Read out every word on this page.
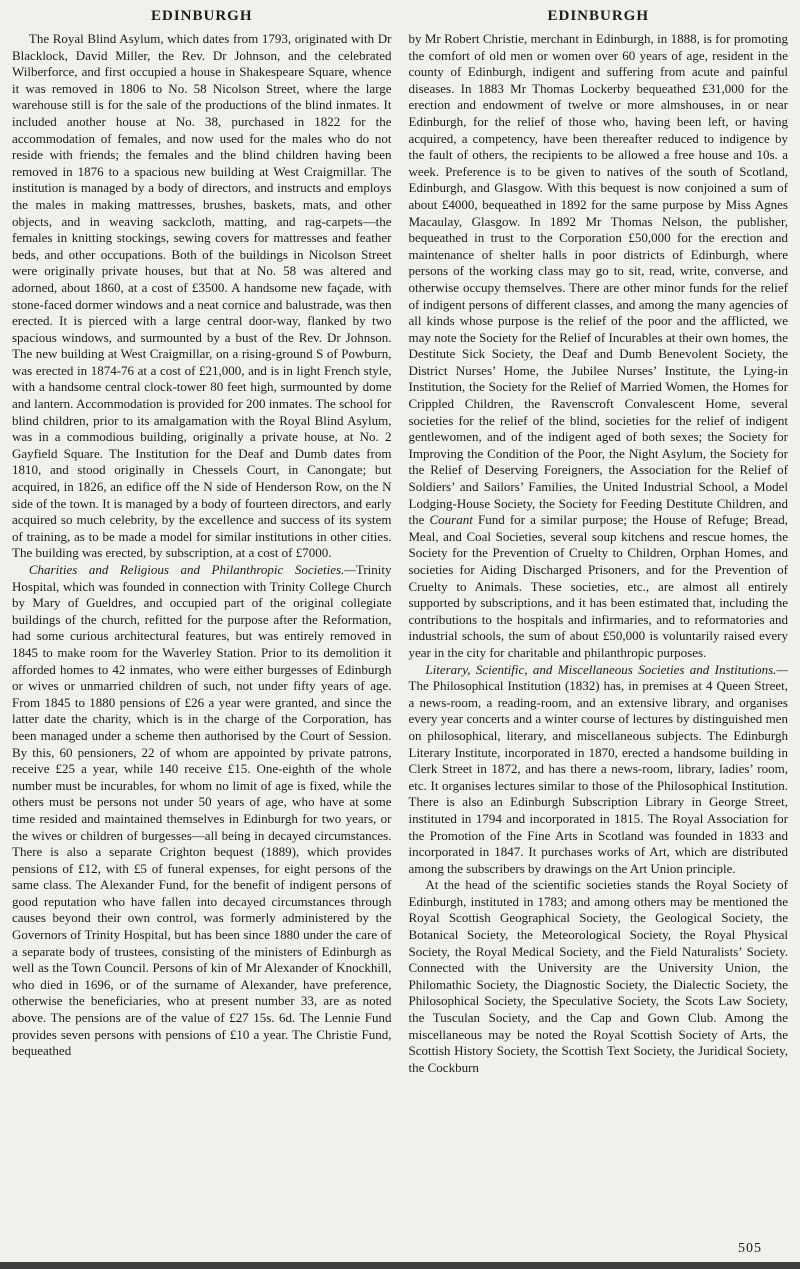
EDINBURGH	EDINBURGH

The Royal Blind Asylum, which dates from 1793, originated with Dr Blacklock, David Miller, the Rev. Dr Johnson, and the celebrated Wilberforce, and first occupied a house in Shakespeare Square, whence it was removed in 1806 to No. 58 Nicolson Street, where the large warehouse still is for the sale of the productions of the blind inmates. It included another house at No. 38, purchased in 1822 for the accommodation of females, and now used for the males who do not reside with friends; the females and the blind children having been removed in 1876 to a spacious new building at West Craigmillar. The institution is managed by a body of directors, and instructs and employs the males in making mattresses, brushes, baskets, mats, and other objects, and in weaving sackcloth, matting, and rag-carpets—the females in knitting stockings, sewing covers for mattresses and feather beds, and other occupations. Both of the buildings in Nicolson Street were originally private houses, but that at No. 58 was altered and adorned, about 1860, at a cost of £3500. A handsome new façade, with stone-faced dormer windows and a neat cornice and balustrade, was then erected. It is pierced with a large central door-way, flanked by two spacious windows, and surmounted by a bust of the Rev. Dr Johnson. The new building at West Craigmillar, on a rising-ground S of Powburn, was erected in 1874-76 at a cost of £21,000, and is in light French style, with a handsome central clock-tower 80 feet high, surmounted by dome and lantern. Accommodation is provided for 200 inmates. The school for blind children, prior to its amalgamation with the Royal Blind Asylum, was in a commodious building, originally a private house, at No. 2 Gayfield Square. The Institution for the Deaf and Dumb dates from 1810, and stood originally in Chessels Court, in Canongate; but acquired, in 1826, an edifice off the N side of Henderson Row, on the N side of the town. It is managed by a body of fourteen directors, and early acquired so much celebrity, by the excellence and success of its system of training, as to be made a model for similar institutions in other cities. The building was erected, by subscription, at a cost of £7000.

Charities and Religious and Philanthropic Societies.—Trinity Hospital, which was founded in connection with Trinity College Church by Mary of Gueldres, and occupied part of the original collegiate buildings of the church, refitted for the purpose after the Reformation, had some curious architectural features, but was entirely removed in 1845 to make room for the Waverley Station. Prior to its demolition it afforded homes to 42 inmates, who were either burgesses of Edinburgh or wives or unmarried children of such, not under fifty years of age. From 1845 to 1880 pensions of £26 a year were granted, and since the latter date the charity, which is in the charge of the Corporation, has been managed under a scheme then authorised by the Court of Session. By this, 60 pensioners, 22 of whom are appointed by private patrons, receive £25 a year, while 140 receive £15. One-eighth of the whole number must be incurables, for whom no limit of age is fixed, while the others must be persons not under 50 years of age, who have at some time resided and maintained themselves in Edinburgh for two years, or the wives or children of burgesses—all being in decayed circumstances. There is also a separate Crighton bequest (1889), which provides pensions of £12, with £5 of funeral expenses, for eight persons of the same class. The Alexander Fund, for the benefit of indigent persons of good reputation who have fallen into decayed circumstances through causes beyond their own control, was formerly administered by the Governors of Trinity Hospital, but has been since 1880 under the care of a separate body of trustees, consisting of the ministers of Edinburgh as well as the Town Council. Persons of kin of Mr Alexander of Knockhill, who died in 1696, or of the surname of Alexander, have preference, otherwise the beneficiaries, who at present number 33, are as noted above. The pensions are of the value of £27 15s. 6d. The Lennie Fund provides seven persons with pensions of £10 a year. The Christie Fund, bequeathed

by Mr Robert Christie, merchant in Edinburgh, in 1888, is for promoting the comfort of old men or women over 60 years of age, resident in the county of Edinburgh, indigent and suffering from acute and painful diseases. In 1883 Mr Thomas Lockerby bequeathed £31,000 for the erection and endowment of twelve or more almshouses, in or near Edinburgh, for the relief of those who, having been left, or having acquired, a competency, have been thereafter reduced to indigence by the fault of others, the recipients to be allowed a free house and 10s. a week. Preference is to be given to natives of the south of Scotland, Edinburgh, and Glasgow. With this bequest is now conjoined a sum of about £4000, bequeathed in 1892 for the same purpose by Miss Agnes Macaulay, Glasgow. In 1892 Mr Thomas Nelson, the publisher, bequeathed in trust to the Corporation £50,000 for the erection and maintenance of shelter halls in poor districts of Edinburgh, where persons of the working class may go to sit, read, write, converse, and otherwise occupy themselves. There are other minor funds for the relief of indigent persons of different classes, and among the many agencies of all kinds whose purpose is the relief of the poor and the afflicted, we may note the Society for the Relief of Incurables at their own homes, the Destitute Sick Society, the Deaf and Dumb Benevolent Society, the District Nurses’ Home, the Jubilee Nurses’ Institute, the Lying-in Institution, the Society for the Relief of Married Women, the Homes for Crippled Children, the Ravenscroft Convalescent Home, several societies for the relief of the blind, societies for the relief of indigent gentlewomen, and of the indigent aged of both sexes; the Society for Improving the Condition of the Poor, the Night Asylum, the Society for the Relief of Deserving Foreigners, the Association for the Relief of Soldiers’ and Sailors’ Families, the United Industrial School, a Model Lodging-House Society, the Society for Feeding Destitute Children, and the Courant Fund for a similar purpose; the House of Refuge; Bread, Meal, and Coal Societies, several soup kitchens and rescue homes, the Society for the Prevention of Cruelty to Children, Orphan Homes, and societies for Aiding Discharged Prisoners, and for the Prevention of Cruelty to Animals. These societies, etc., are almost all entirely supported by subscriptions, and it has been estimated that, including the contributions to the hospitals and infirmaries, and to reformatories and industrial schools, the sum of about £50,000 is voluntarily raised every year in the city for charitable and philanthropic purposes.

Literary, Scientific, and Miscellaneous Societies and Institutions.—The Philosophical Institution (1832) has, in premises at 4 Queen Street, a news-room, a reading-room, and an extensive library, and organises every year concerts and a winter course of lectures by distinguished men on philosophical, literary, and miscellaneous subjects. The Edinburgh Literary Institute, incorporated in 1870, erected a handsome building in Clerk Street in 1872, and has there a news-room, library, ladies’ room, etc. It organises lectures similar to those of the Philosophical Institution. There is also an Edinburgh Subscription Library in George Street, instituted in 1794 and incorporated in 1815. The Royal Association for the Promotion of the Fine Arts in Scotland was founded in 1833 and incorporated in 1847. It purchases works of Art, which are distributed among the subscribers by drawings on the Art Union principle.

At the head of the scientific societies stands the Royal Society of Edinburgh, instituted in 1783; and among others may be mentioned the Royal Scottish Geographical Society, the Geological Society, the Botanical Society, the Meteorological Society, the Royal Physical Society, the Royal Medical Society, and the Field Naturalists’ Society. Connected with the University are the University Union, the Philomathic Society, the Diagnostic Society, the Dialectic Society, the Philosophical Society, the Speculative Society, the Scots Law Society, the Tusculan Society, and the Cap and Gown Club. Among the miscellaneous may be noted the Royal Scottish Society of Arts, the Scottish History Society, the Scottish Text Society, the Juridical Society, the Cockburn

505
